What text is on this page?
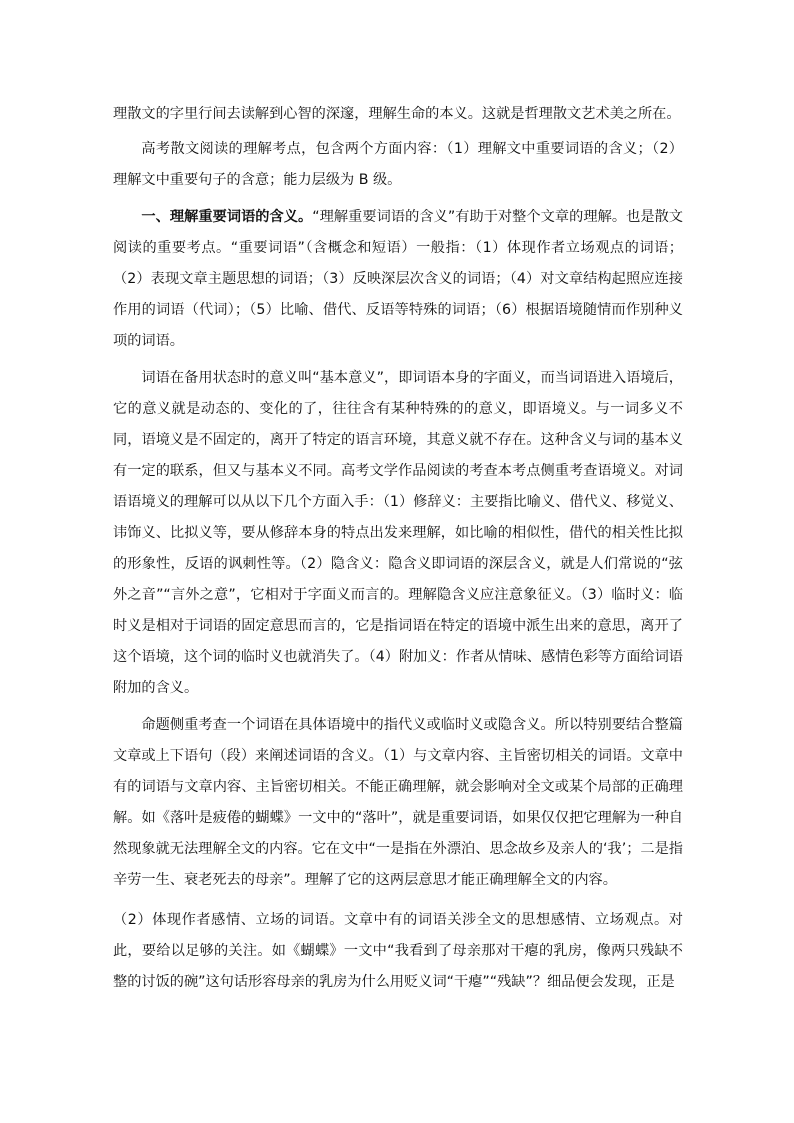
理散文的字里行间去读解到心智的深邃，理解生命的本义。这就是哲理散文艺术美之所在。

高考散文阅读的理解考点，包含两个方面内容：（1）理解文中重要词语的含义；（2）理解文中重要句子的含意；能力层级为 B 级。

一、理解重要词语的含义。“理解重要词语的含义”有助于对整个文章的理解。也是散文阅读的重要考点。“重要词语”（含概念和短语）一般指：（1）体现作者立场观点的词语；（2）表现文章主题思想的词语；（3）反映深层次含义的词语；（4）对文章结构起照应连接作用的词语（代词）；（5）比喻、借代、反语等特殊的词语；（6）根据语境随情而作别种义项的词语。

词语在备用状态时的意义叫“基本意义”，即词语本身的字面义，而当词语进入语境后，它的意义就是动态的、变化的了，往往含有某种特殊的的意义，即语境义。与一词多义不同，语境义是不固定的，离开了特定的语言环境，其意义就不存在。这种含义与词的基本义有一定的联系，但又与基本义不同。高考文学作品阅读的考查本考点侧重考查语境义。对词语语境义的理解可以从以下几个方面入手：（1）修辞义：主要指比喻义、借代义、移觉义、讳饰义、比拟义等，要从修辞本身的特点出发来理解，如比喻的相似性，借代的相关性比拟的形象性，反语的讽刺性等。（2）隐含义：隐含义即词语的深层含义，就是人们常说的“弦外之音”“言外之意”，它相对于字面义而言的。理解隐含义应注意象征义。（3）临时义：临时义是相对于词语的固定意思而言的，它是指词语在特定的语境中派生出来的意思，离开了这个语境，这个词的临时义也就消失了。（4）附加义：作者从情味、感情色彩等方面给词语附加的含义。

命题侧重考查一个词语在具体语境中的指代义或临时义或隐含义。所以特别要结合整篇文章或上下语句（段）来阐述词语的含义。（1）与文章内容、主旨密切相关的词语。文章中有的词语与文章内容、主旨密切相关。不能正确理解，就会影响对全文或某个局部的正确理解。如《落叶是疲倦的蝴蝶》一文中的“落叶”，就是重要词语，如果仅仅把它理解为一种自然现象就无法理解全文的内容。它在文中“一是指在外漂泊、思念故乡及亲人的‘我’；二是指辛劳一生、衰老死去的母亲”。理解了它的这两层意思才能正确理解全文的内容。

（2）体现作者感情、立场的词语。文章中有的词语关涉全文的思想感情、立场观点。对此，要给以足够的关注。如《蝴蝶》一文中“我看到了母亲那对干瘪的乳房，像两只残缺不整的讨饭的碗”这句话形容母亲的乳房为什么用贬义词“干瘪”“残缺”？细品便会发现，正是
